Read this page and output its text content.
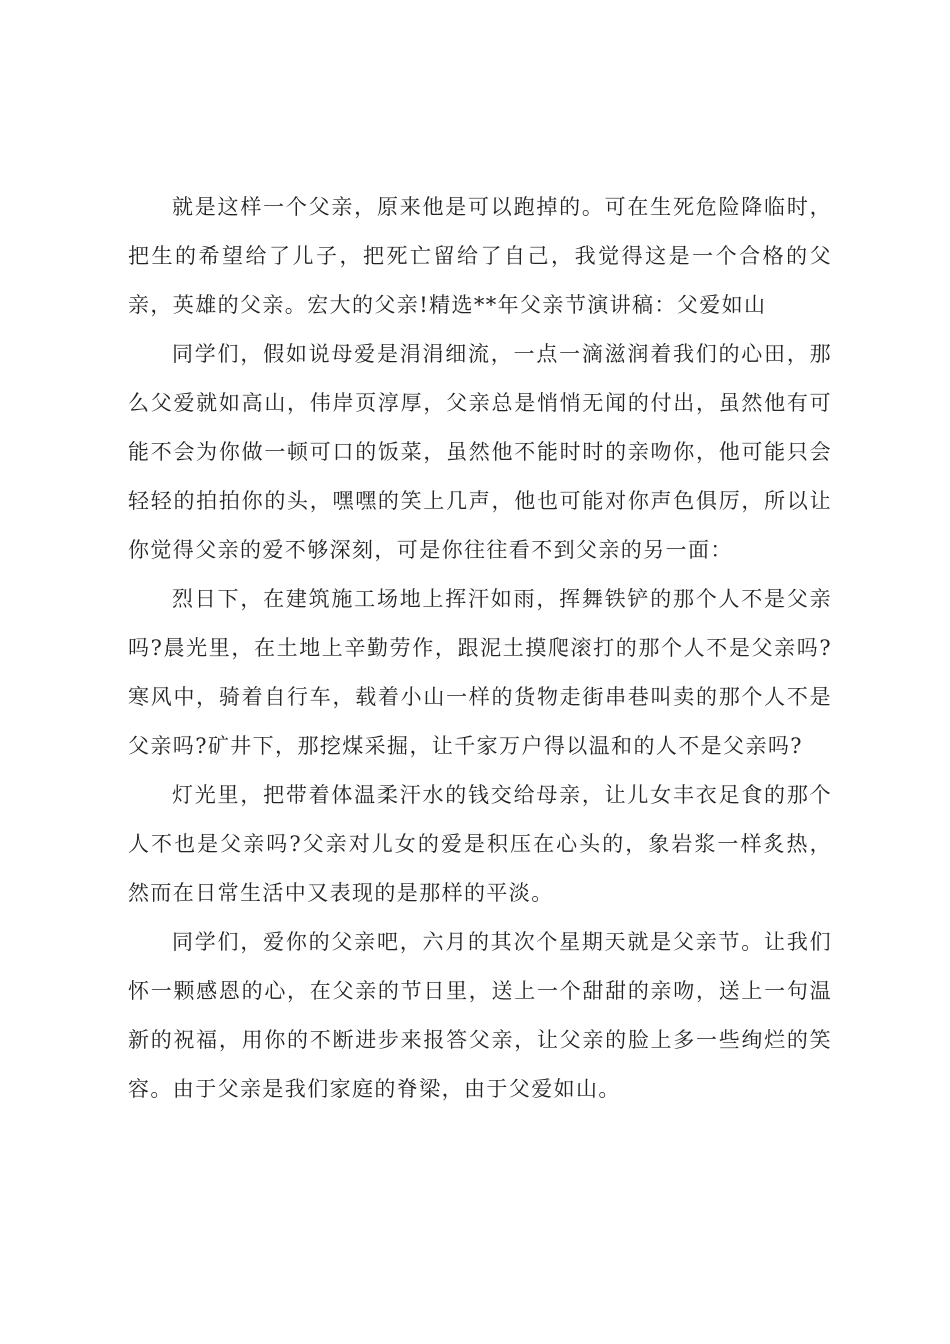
就是这样一个父亲，原来他是可以跑掉的。可在生死危险降临时，把生的希望给了儿子，把死亡留给了自己，我觉得这是一个合格的父亲，英雄的父亲。宏大的父亲!精选**年父亲节演讲稿：父爱如山

同学们，假如说母爱是涓涓细流，一点一滴滋润着我们的心田，那么父爱就如高山，伟岸页淳厚，父亲总是悄悄无闻的付出，虽然他有可能不会为你做一顿可口的饭菜，虽然他不能时时的亲吻你，他可能只会轻轻的拍拍你的头，嘿嘿的笑上几声，他也可能对你声色俱厉，所以让你觉得父亲的爱不够深刻，可是你往往看不到父亲的另一面：

烈日下，在建筑施工场地上挥汗如雨，挥舞铁铲的那个人不是父亲吗?晨光里，在土地上辛勤劳作，跟泥土摸爬滚打的那个人不是父亲吗?寒风中，骑着自行车，载着小山一样的货物走街串巷叫卖的那个人不是父亲吗?矿井下，那挖煤采掘，让千家万户得以温和的人不是父亲吗?

灯光里，把带着体温柔汗水的钱交给母亲，让儿女丰衣足食的那个人不也是父亲吗?父亲对儿女的爱是积压在心头的，象岩浆一样炙热，然而在日常生活中又表现的是那样的平淡。

同学们，爱你的父亲吧，六月的其次个星期天就是父亲节。让我们怀一颗感恩的心，在父亲的节日里，送上一个甜甜的亲吻，送上一句温新的祝福，用你的不断进步来报答父亲，让父亲的脸上多一些绚烂的笑容。由于父亲是我们家庭的脊梁，由于父爱如山。
